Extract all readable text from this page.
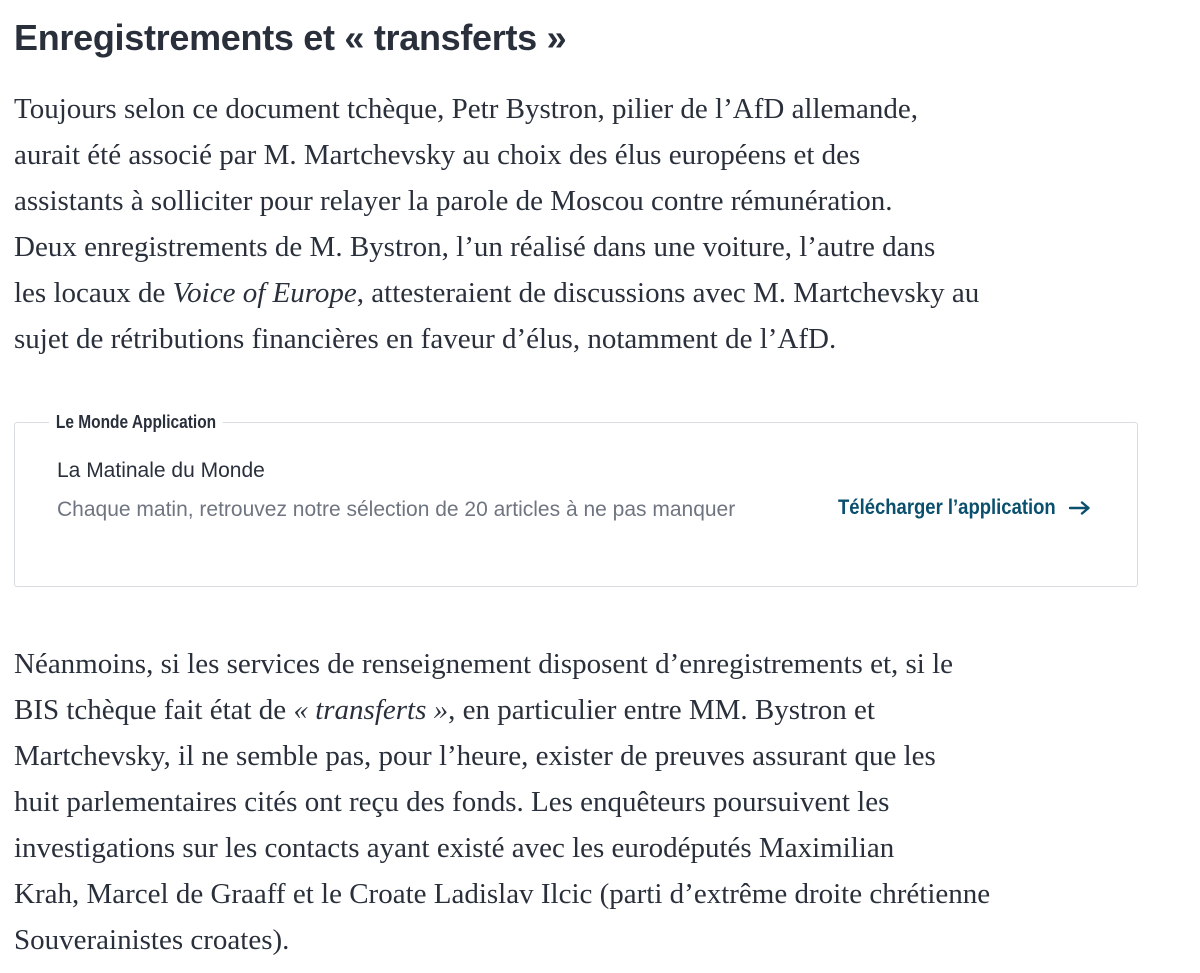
Enregistrements et « transferts »

Toujours selon ce document tchèque, Petr Bystron, pilier de l’AfD allemande,
aurait été associé par M. Martchevsky au choix des élus européens et des
assistants à solliciter pour relayer la parole de Moscou contre rémunération.
Deux enregistrements de M. Bystron, l’un réalisé dans une voiture, l’autre dans
les locaux de Voice of Europe, attesteraient de discussions avec M. Martchevsky au
sujet de rétributions financières en faveur d’élus, notamment de l’AfD.

Le Monde Application
La Matinale du Monde
Chaque matin, retrouvez notre sélection de 20 articles à ne pas manquer	Télécharger l’application

Néanmoins, si les services de renseignement disposent d’enregistrements et, si le
BIS tchèque fait état de « transferts », en particulier entre MM. Bystron et
Martchevsky, il ne semble pas, pour l’heure, exister de preuves assurant que les
huit parlementaires cités ont reçu des fonds. Les enquêteurs poursuivent les
investigations sur les contacts ayant existé avec les eurodéputés Maximilian
Krah, Marcel de Graaff et le Croate Ladislav Ilcic (parti d’extrême droite chrétienne
Souverainistes croates).
